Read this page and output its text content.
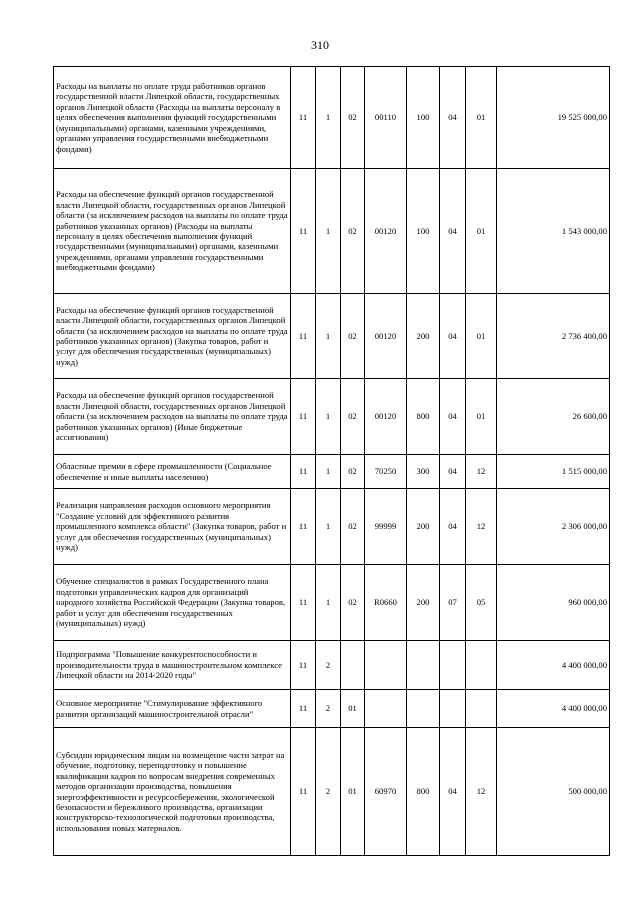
310
Расходы на выплаты по оплате труда работников органов государственной власти Липецкой области, государственных органов Липецкой области (Расходы на выплаты персоналу в целях обеспечения выполнения функций государственными (муниципальными) органами, казенными учреждениями, органами управления государственными внебюджетными фондами)	11	1	02	00110	100	04	01	19 525 000,00
Расходы на обеспечение функций органов государственной власти Липецкой области, государственных органов Липецкой области (за исключением расходов на выплаты по оплате труда работников указанных органов) (Расходы на выплаты персоналу в целях обеспечения выполнения функций государственными (муниципальными) органами, казенными учреждениями, органами управления государственными внебюджетными фондами)	11	1	02	00120	100	04	01	1 543 000,00
Расходы на обеспечение функций органов государственной власти Липецкой области, государственных органов Липецкой области (за исключением расходов на выплаты по оплате труда работников указанных органов) (Закупка товаров, работ и услуг для обеспечения государственных (муниципальных) нужд)	11	1	02	00120	200	04	01	2 736 400,00
Расходы на обеспечение функций органов государственной власти Липецкой области, государственных органов Липецкой области (за исключением расходов на выплаты по оплате труда работников указанных органов) (Иные бюджетные ассигнования)	11	1	02	00120	800	04	01	26 600,00
Областные премии в сфере промышленности (Социальное обеспечение и иные выплаты населению)	11	1	02	70250	300	04	12	1 515 000,00
Реализация направления расходов основного мероприятия "Создание условий для эффективного развития промышленного комплекса области" (Закупка товаров, работ и услуг для обеспечения государственных (муниципальных) нужд)	11	1	02	99999	200	04	12	2 306 000,00
Обучение специалистов в рамках Государственного плана подготовки управленческих кадров для организаций народного хозяйства Российской Федерации (Закупка товаров, работ и услуг для обеспечения государственных (муниципальных) нужд)	11	1	02	R0660	200	07	05	960 000,00
Подпрограмма "Повышение конкурентоспособности и производительности труда в машиностроительном комплексе Липецкой области на 2014-2020 годы"	11	2						4 400 000,00
Основное мероприятие "Стимулирование эффективного развития организаций машиностроительной отрасли"	11	2	01					4 400 000,00
Субсидии юридическим лицам на возмещение части затрат на обучение, подготовку, переподготовку и повышение квалификации кадров по вопросам внедрения современных методов организации производства, повышения энергоэффективности и ресурсосбережения, экологической безопасности и бережливого производства, организации конструкторско-технологической подготовки производства, использования новых материалов.	11	2	01	60970	800	04	12	500 000,00
